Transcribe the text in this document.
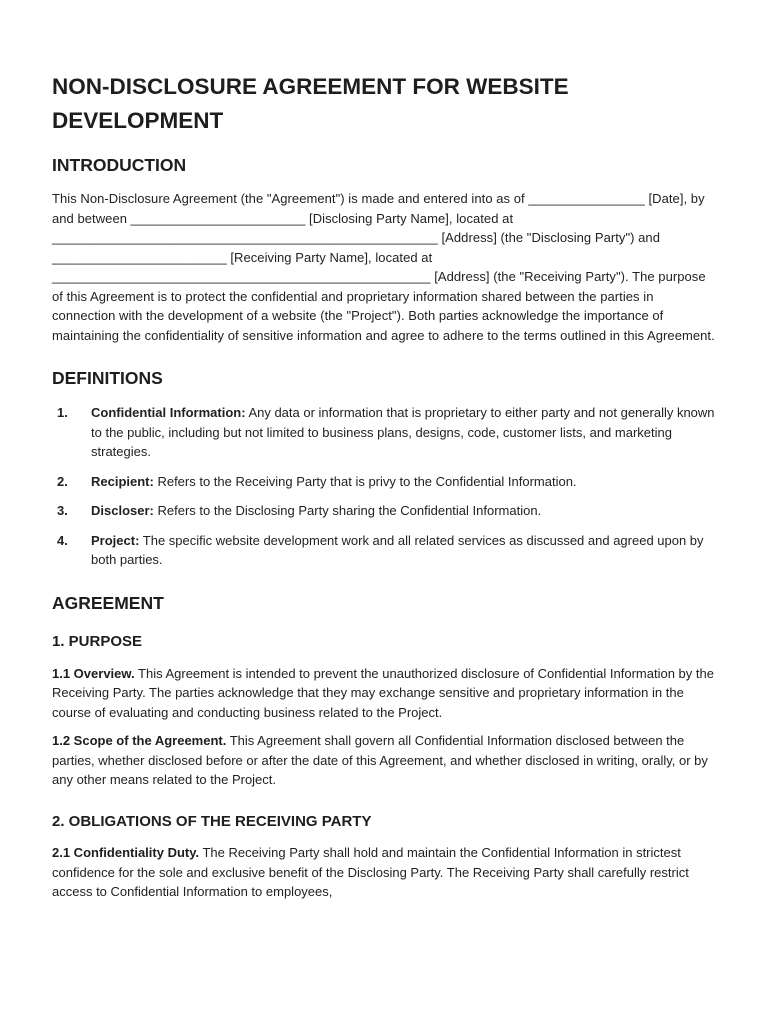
NON-DISCLOSURE AGREEMENT FOR WEBSITE DEVELOPMENT
INTRODUCTION

This Non-Disclosure Agreement (the "Agreement") is made and entered into as of ________________ [Date], by and between ________________________ [Disclosing Party Name], located at _____________________________________________________ [Address] (the "Disclosing Party") and ________________________ [Receiving Party Name], located at ____________________________________________________ [Address] (the "Receiving Party"). The purpose of this Agreement is to protect the confidential and proprietary information shared between the parties in connection with the development of a website (the "Project"). Both parties acknowledge the importance of maintaining the confidentiality of sensitive information and agree to adhere to the terms outlined in this Agreement.

DEFINITIONS
1. Confidential Information: Any data or information that is proprietary to either party and not generally known to the public, including but not limited to business plans, designs, code, customer lists, and marketing strategies.
2. Recipient: Refers to the Receiving Party that is privy to the Confidential Information.
3. Discloser: Refers to the Disclosing Party sharing the Confidential Information.
4. Project: The specific website development work and all related services as discussed and agreed upon by both parties.
AGREEMENT
1. PURPOSE

1.1 Overview. This Agreement is intended to prevent the unauthorized disclosure of Confidential Information by the Receiving Party. The parties acknowledge that they may exchange sensitive and proprietary information in the course of evaluating and conducting business related to the Project.

1.2 Scope of the Agreement. This Agreement shall govern all Confidential Information disclosed between the parties, whether disclosed before or after the date of this Agreement, and whether disclosed in writing, orally, or by any other means related to the Project.

2. OBLIGATIONS OF THE RECEIVING PARTY

2.1 Confidentiality Duty. The Receiving Party shall hold and maintain the Confidential Information in strictest confidence for the sole and exclusive benefit of the Disclosing Party. The Receiving Party shall carefully restrict access to Confidential Information to employees,
